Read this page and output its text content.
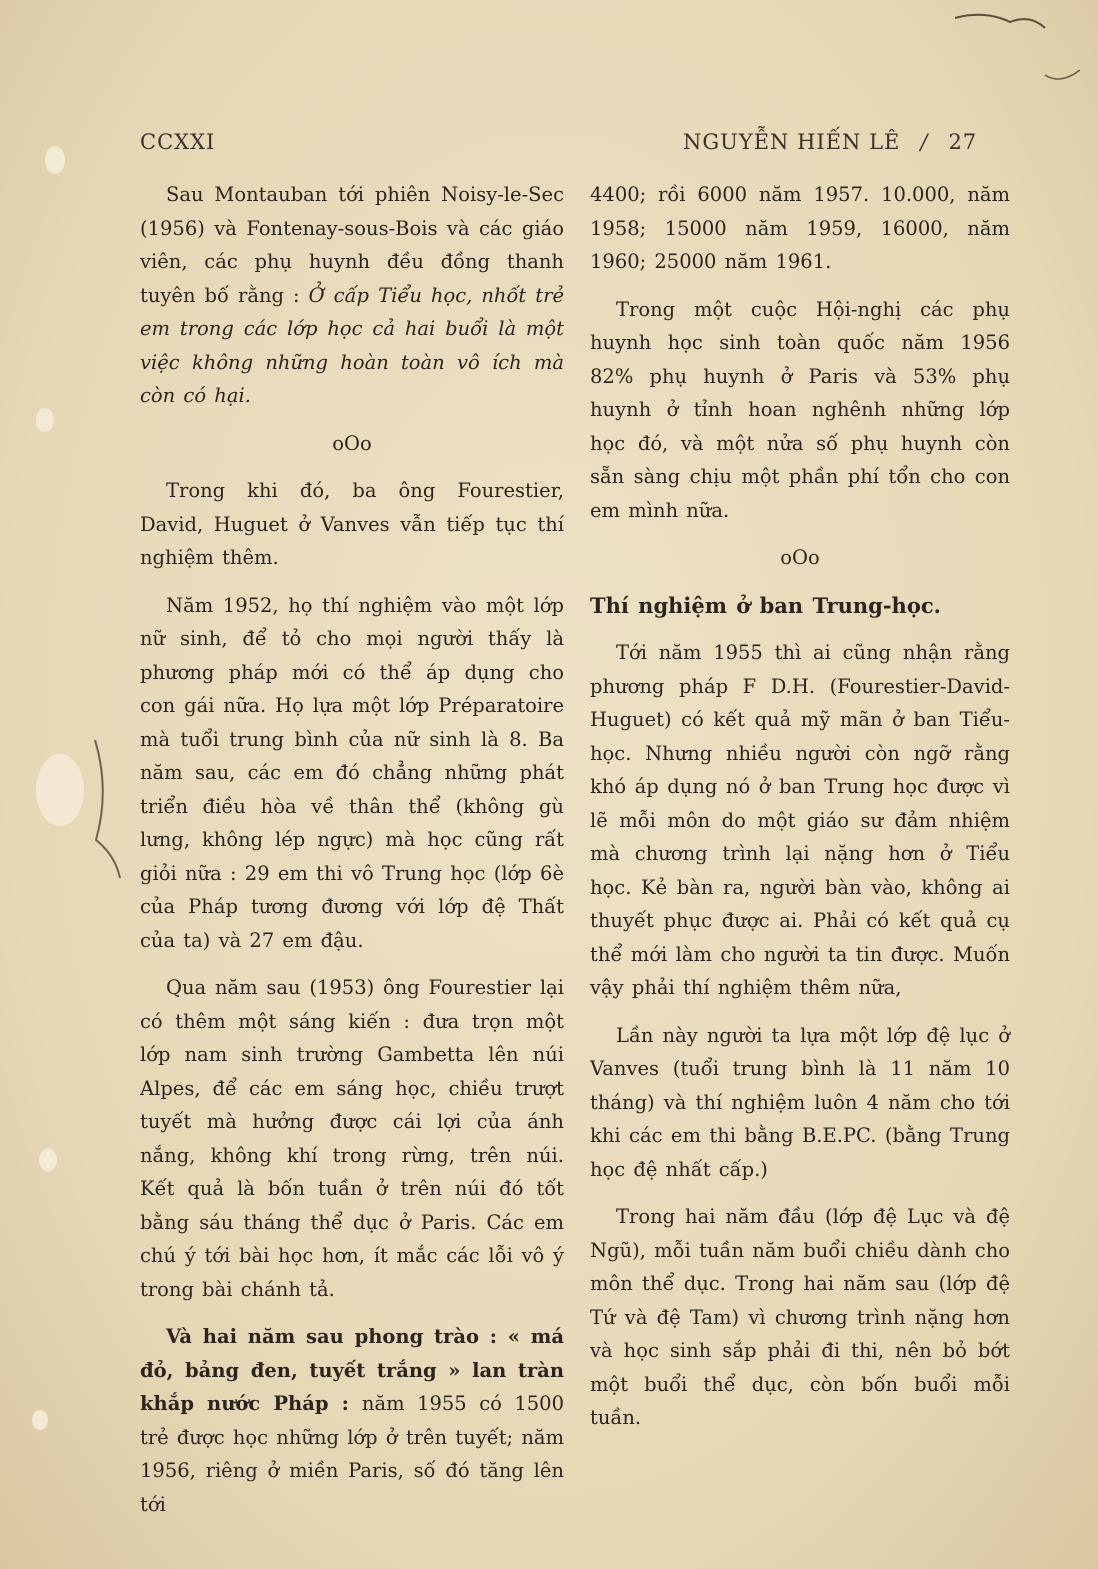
CCXXI	NGUYỄN HIẾN LÊ / 27

Sau Montauban tới phiên Noisy-le-Sec (1956) và Fontenay-sous-Bois và các giáo viên, các phụ huynh đều đồng thanh tuyên bố rằng : Ở cấp Tiểu học, nhốt trẻ em trong các lớp học cả hai buổi là một việc không những hoàn toàn vô ích mà còn có hại.

oOo

Trong khi đó, ba ông Fourestier, David, Huguet ở Vanves vẫn tiếp tục thí nghiệm thêm.

Năm 1952, họ thí nghiệm vào một lớp nữ sinh, để tỏ cho mọi người thấy là phương pháp mới có thể áp dụng cho con gái nữa. Họ lựa một lớp Préparatoire mà tuổi trung bình của nữ sinh là 8. Ba năm sau, các em đó chẳng những phát triển điều hòa về thân thể (không gù lưng, không lép ngực) mà học cũng rất giỏi nữa : 29 em thi vô Trung học (lớp 6è của Pháp tương đương với lớp đệ Thất của ta) và 27 em đậu.

Qua năm sau (1953) ông Fourestier lại có thêm một sáng kiến : đưa trọn một lớp nam sinh trường Gambetta lên núi Alpes, để các em sáng học, chiều trượt tuyết mà hưởng được cái lợi của ánh nắng, không khí trong rừng, trên núi. Kết quả là bốn tuần ở trên núi đó tốt bằng sáu tháng thể dục ở Paris. Các em chú ý tới bài học hơn, ít mắc các lỗi vô ý trong bài chánh tả.

Và hai năm sau phong trào : « má đỏ, bảng đen, tuyết trắng » lan tràn khắp nước Pháp : năm 1955 có 1500 trẻ được học những lớp ở trên tuyết; năm 1956, riêng ở miền Paris, số đó tăng lên tới

4400; rồi 6000 năm 1957. 10.000, năm 1958; 15000 năm 1959, 16000, năm 1960; 25000 năm 1961.

Trong một cuộc Hội-nghị các phụ huynh học sinh toàn quốc năm 1956 82% phụ huynh ở Paris và 53% phụ huynh ở tỉnh hoan nghênh những lớp học đó, và một nửa số phụ huynh còn sẵn sàng chịu một phần phí tổn cho con em mình nữa.

oOo
Thí nghiệm ở ban Trung-học.

Tới năm 1955 thì ai cũng nhận rằng phương pháp F D.H. (Fourestier-David-Huguet) có kết quả mỹ mãn ở ban Tiểu-học. Nhưng nhiều người còn ngỡ rằng khó áp dụng nó ở ban Trung học được vì lẽ mỗi môn do một giáo sư đảm nhiệm mà chương trình lại nặng hơn ở Tiểu học. Kẻ bàn ra, người bàn vào, không ai thuyết phục được ai. Phải có kết quả cụ thể mới làm cho người ta tin được. Muốn vậy phải thí nghiệm thêm nữa,

Lần này người ta lựa một lớp đệ lục ở Vanves (tuổi trung bình là 11 năm 10 tháng) và thí nghiệm luôn 4 năm cho tới khi các em thi bằng B.E.PC. (bằng Trung học đệ nhất cấp.)

Trong hai năm đầu (lớp đệ Lục và đệ Ngũ), mỗi tuần năm buổi chiều dành cho môn thể dục. Trong hai năm sau (lớp đệ Tứ và đệ Tam) vì chương trình nặng hơn và học sinh sắp phải đi thi, nên bỏ bớt một buổi thể dục, còn bốn buổi mỗi tuần.
